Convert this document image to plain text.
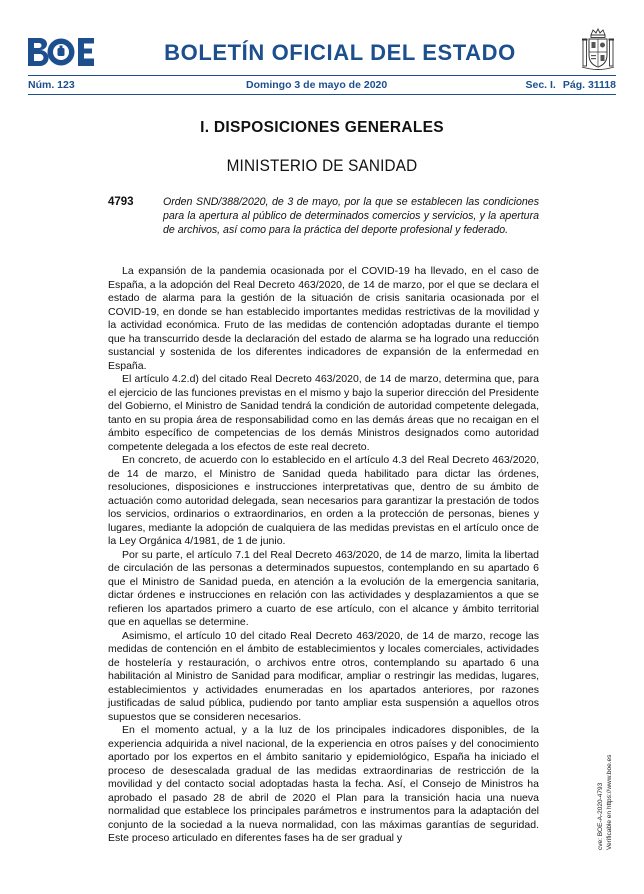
BOLETÍN OFICIAL DEL ESTADO
Núm. 123	Domingo 3 de mayo de 2020	Sec. I. Pág. 31118
I. DISPOSICIONES GENERALES
MINISTERIO DE SANIDAD
4793	Orden SND/388/2020, de 3 de mayo, por la que se establecen las condiciones para la apertura al público de determinados comercios y servicios, y la apertura de archivos, así como para la práctica del deporte profesional y federado.

La expansión de la pandemia ocasionada por el COVID-19 ha llevado, en el caso de España, a la adopción del Real Decreto 463/2020, de 14 de marzo, por el que se declara el estado de alarma para la gestión de la situación de crisis sanitaria ocasionada por el COVID-19, en donde se han establecido importantes medidas restrictivas de la movilidad y la actividad económica. Fruto de las medidas de contención adoptadas durante el tiempo que ha transcurrido desde la declaración del estado de alarma se ha logrado una reducción sustancial y sostenida de los diferentes indicadores de expansión de la enfermedad en España.

El artículo 4.2.d) del citado Real Decreto 463/2020, de 14 de marzo, determina que, para el ejercicio de las funciones previstas en el mismo y bajo la superior dirección del Presidente del Gobierno, el Ministro de Sanidad tendrá la condición de autoridad competente delegada, tanto en su propia área de responsabilidad como en las demás áreas que no recaigan en el ámbito específico de competencias de los demás Ministros designados como autoridad competente delegada a los efectos de este real decreto.

En concreto, de acuerdo con lo establecido en el artículo 4.3 del Real Decreto 463/2020, de 14 de marzo, el Ministro de Sanidad queda habilitado para dictar las órdenes, resoluciones, disposiciones e instrucciones interpretativas que, dentro de su ámbito de actuación como autoridad delegada, sean necesarios para garantizar la prestación de todos los servicios, ordinarios o extraordinarios, en orden a la protección de personas, bienes y lugares, mediante la adopción de cualquiera de las medidas previstas en el artículo once de la Ley Orgánica 4/1981, de 1 de junio.

Por su parte, el artículo 7.1 del Real Decreto 463/2020, de 14 de marzo, limita la libertad de circulación de las personas a determinados supuestos, contemplando en su apartado 6 que el Ministro de Sanidad pueda, en atención a la evolución de la emergencia sanitaria, dictar órdenes e instrucciones en relación con las actividades y desplazamientos a que se refieren los apartados primero a cuarto de ese artículo, con el alcance y ámbito territorial que en aquellas se determine.

Asimismo, el artículo 10 del citado Real Decreto 463/2020, de 14 de marzo, recoge las medidas de contención en el ámbito de establecimientos y locales comerciales, actividades de hostelería y restauración, o archivos entre otros, contemplando su apartado 6 una habilitación al Ministro de Sanidad para modificar, ampliar o restringir las medidas, lugares, establecimientos y actividades enumeradas en los apartados anteriores, por razones justificadas de salud pública, pudiendo por tanto ampliar esta suspensión a aquellos otros supuestos que se consideren necesarios.

En el momento actual, y a la luz de los principales indicadores disponibles, de la experiencia adquirida a nivel nacional, de la experiencia en otros países y del conocimiento aportado por los expertos en el ámbito sanitario y epidemiológico, España ha iniciado el proceso de desescalada gradual de las medidas extraordinarias de restricción de la movilidad y del contacto social adoptadas hasta la fecha. Así, el Consejo de Ministros ha aprobado el pasado 28 de abril de 2020 el Plan para la transición hacia una nueva normalidad que establece los principales parámetros e instrumentos para la adaptación del conjunto de la sociedad a la nueva normalidad, con las máximas garantías de seguridad. Este proceso articulado en diferentes fases ha de ser gradual y	cve: BOE-A-2020-4793 Verificable en https://www.boe.es
